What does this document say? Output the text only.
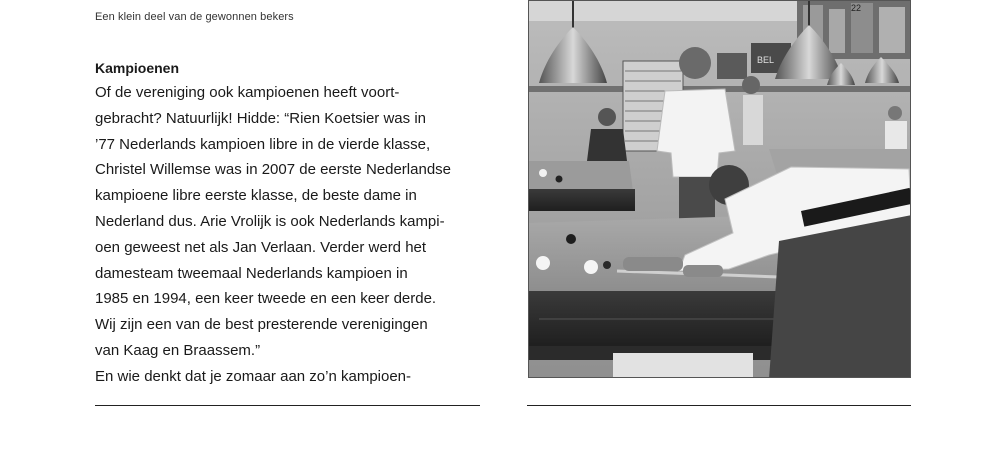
Een klein deel van de gewonnen bekers

Kampioenen

Of de vereniging ook kampioenen heeft voort-

gebracht? Natuurlijk! Hidde: “Rien Koetsier was in

’77 Nederlands kampioen libre in de vierde klasse,

Christel Willemse was in 2007 de eerste Nederlandse

kampioene libre eerste klasse, de beste dame in

Nederland dus. Arie Vrolijk is ook Nederlands kampi-

oen geweest net als Jan Verlaan. Verder werd het

damesteam tweemaal Nederlands kampioen in

1985 en 1994, een keer tweede en een keer derde.

Wij zijn een van de best presterende verenigingen

van Kaag en Braassem.”

En wie denkt dat je zomaar aan zo’n kampioen-

22
BEL
